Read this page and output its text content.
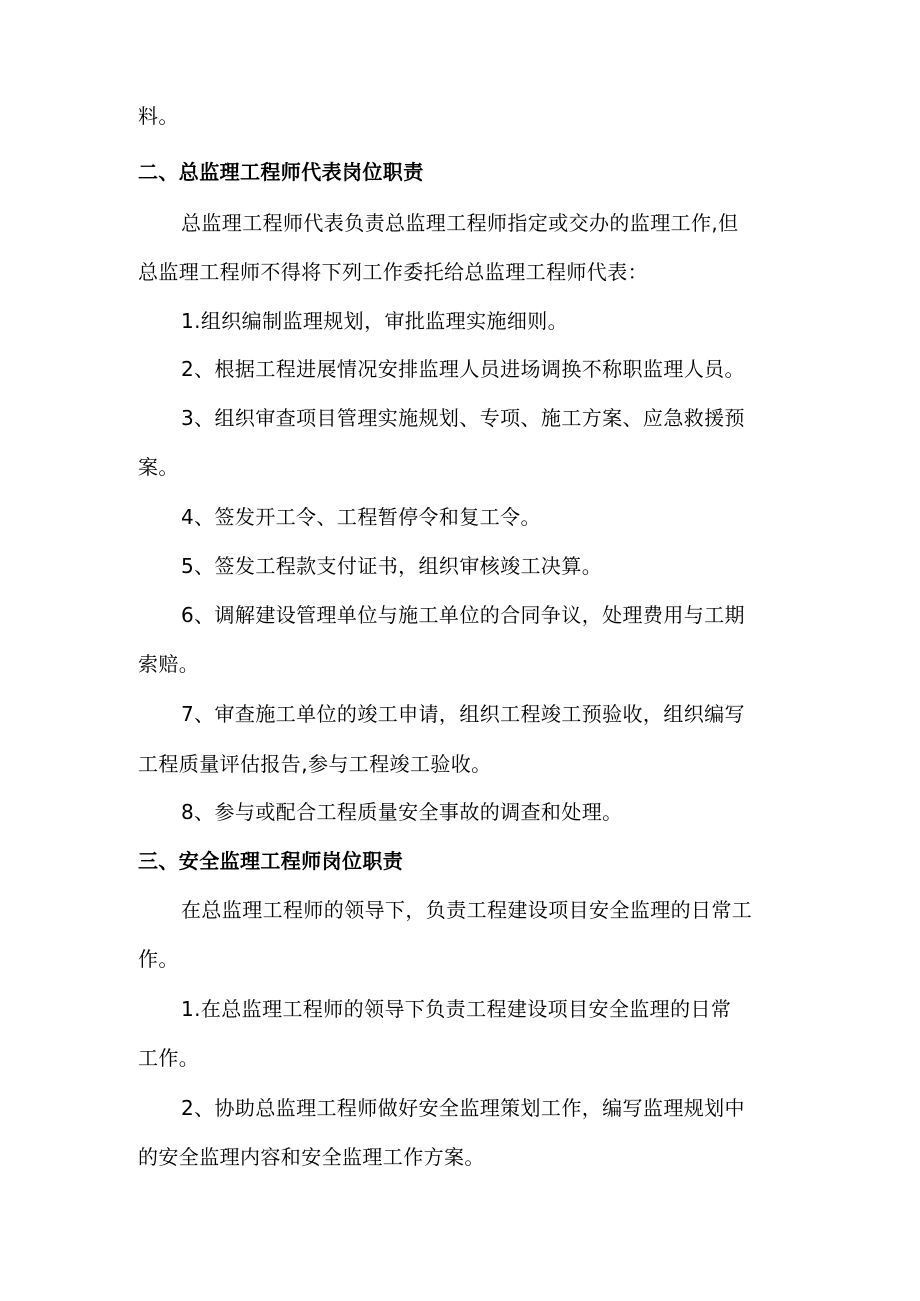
料。
二、总监理工程师代表岗位职责
总监理工程师代表负责总监理工程师指定或交办的监理工作,但
总监理工程师不得将下列工作委托给总监理工程师代表：
1.组织编制监理规划，审批监理实施细则。
2、根据工程进展情况安排监理人员进场调换不称职监理人员。
3、组织审查项目管理实施规划、专项、施工方案、应急救援预
案。
4、签发开工令、工程暂停令和复工令。
5、签发工程款支付证书，组织审核竣工决算。
6、调解建设管理单位与施工单位的合同争议，处理费用与工期
索赔。
7、审查施工单位的竣工申请，组织工程竣工预验收，组织编写
工程质量评估报告,参与工程竣工验收。
8、参与或配合工程质量安全事故的调查和处理。
三、安全监理工程师岗位职责
在总监理工程师的领导下，负责工程建设项目安全监理的日常工
作。
1.在总监理工程师的领导下负责工程建设项目安全监理的日常
工作。
2、协助总监理工程师做好安全监理策划工作，编写监理规划中
的安全监理内容和安全监理工作方案。
